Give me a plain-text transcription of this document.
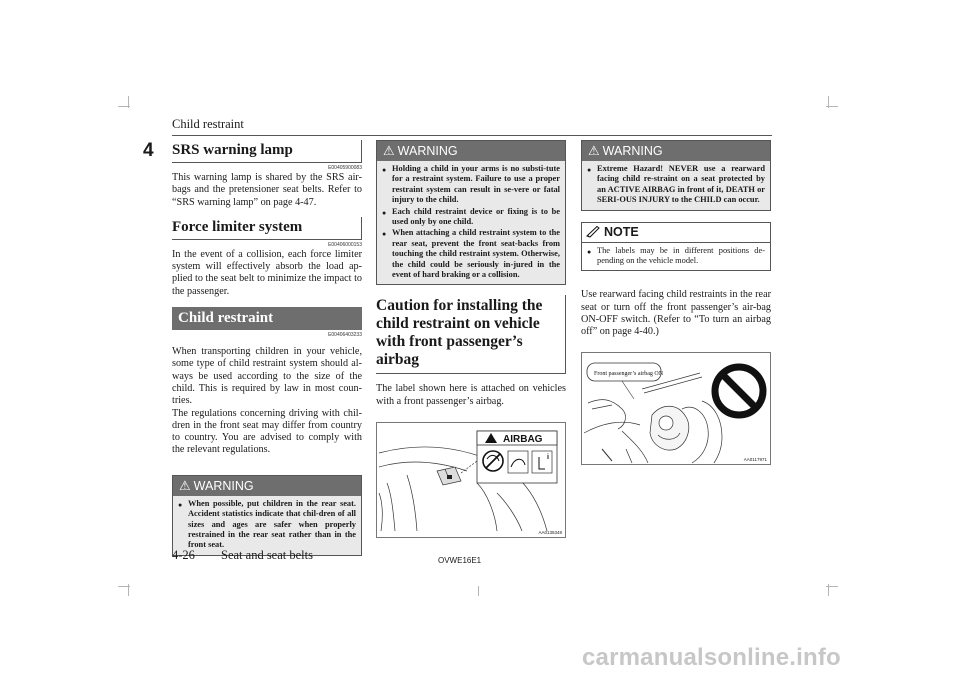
Child restraint
4 SRS warning lamp
E00405900083

This warning lamp is shared by the SRS air-bags and the pretensioner seat belts. Refer to “SRS warning lamp” on page 4-47.

Force limiter system
E00406000153

In the event of a collision, each force limiter system will effectively absorb the load ap-plied to the seat belt to minimize the impact to the passenger.

Child restraint
E00406403233

When transporting children in your vehicle, some type of child restraint system should al-ways be used according to the size of the child. This is required by law in most coun-tries.

The regulations concerning driving with chil-dren in the front seat may differ from country to country. You are advised to comply with the relevant regulations.

⚠ WARNING
● When possible, put children in the rear seat. Accident statistics indicate that chil-dren of all sizes and ages are safer when properly restrained in the rear seat rather than in the front seat.
⚠ WARNING
● Holding a child in your arms is no substi-tute for a restraint system. Failure to use a proper restraint system can result in se-vere or fatal injury to the child.
● Each child restraint device or fixing is to be used only by one child.
● When attaching a child restraint system to the rear seat, prevent the front seat-backs from touching the child restraint system. Otherwise, the child could be seriously in-jured in the event of hard braking or a collision.
Caution for installing the child restraint on vehicle with front passenger’s airbag

The label shown here is attached on vehicles with a front passenger’s airbag.

AIRBAG
i
AA0135348
⚠ WARNING
● Extreme Hazard! NEVER use a rearward facing child re-straint on a seat protected by an ACTIVE AIRBAG in front of it, DEATH or SERI-OUS INJURY to the CHILD can occur.
NOTE
● The labels may be in different positions de-pending on the vehicle model.

Use rearward facing child restraints in the rear seat or turn off the front passenger’s air-bag ON-OFF switch. (Refer to “To turn an airbag off” on page 4-40.)

Front passenger’s airbag ON
AA0117971
4-26 Seat and seat belts	OVWE16E1
carmanualsonline.info
